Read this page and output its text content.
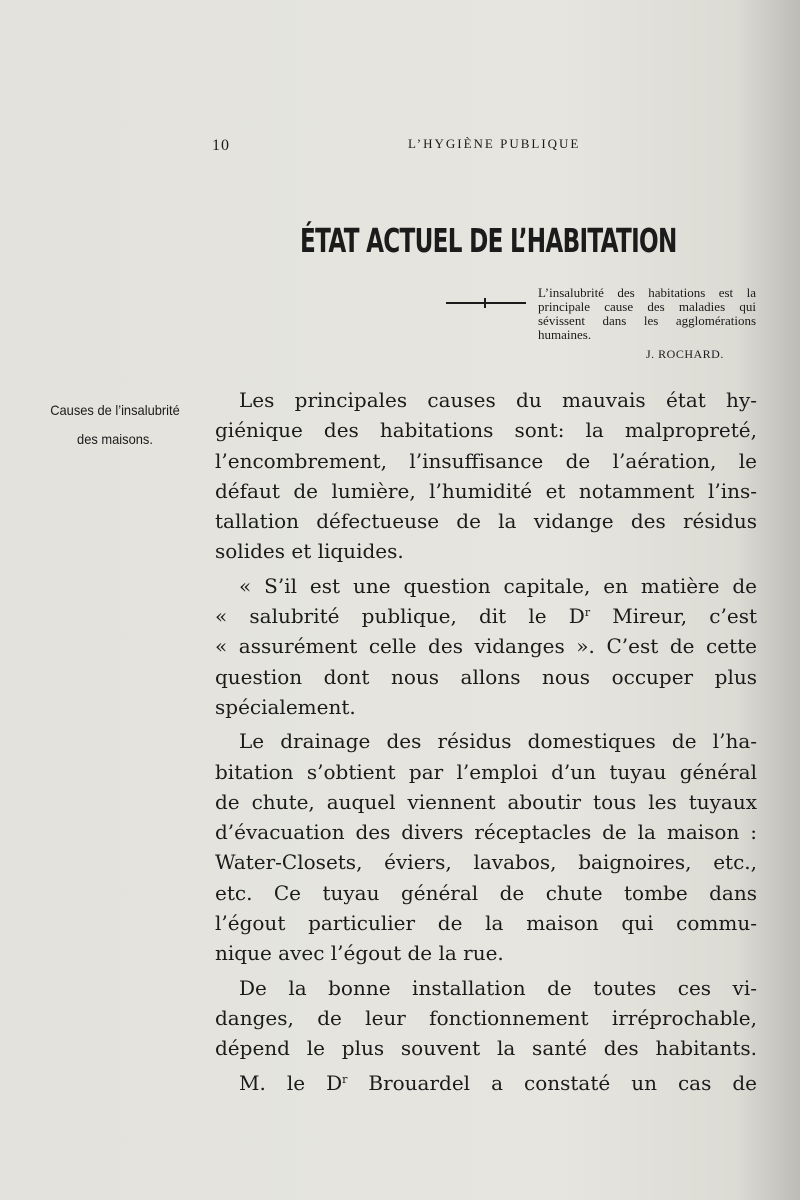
10	L’HYGIÈNE PUBLIQUE
ÉTAT ACTUEL DE L’HABITATION
L’insalubrité des habitations est la principale cause des maladies qui sévissent dans les agglomérations humaines.
J. ROCHARD.
Causes de l’insalubrité
des maisons.

Les principales causes du mauvais état hy-
giénique des habitations sont: la malpropreté,
l’encombrement, l’insuffisance de l’aération, le
défaut de lumière, l’humidité et notamment l’ins-
tallation défectueuse de la vidange des résidus
solides et liquides.

« S’il est une question capitale, en matière de
« salubrité publique, dit le $D^r$ Mireur, c’est
« assurément celle des vidanges ». C’est de cette
question dont nous allons nous occuper plus
spécialement.

Le drainage des résidus domestiques de l’ha-
bitation s’obtient par l’emploi d’un tuyau général
de chute, auquel viennent aboutir tous les tuyaux
d’évacuation des divers réceptacles de la maison :
Water-Closets, éviers, lavabos, baignoires, etc.,
etc. Ce tuyau général de chute tombe dans
l’égout particulier de la maison qui commu-
nique avec l’égout de la rue.

De la bonne installation de toutes ces vi-
danges, de leur fonctionnement irréprochable,
dépend le plus souvent la santé des habitants.

M. le $D^r$ Brouardel a constaté un cas de
